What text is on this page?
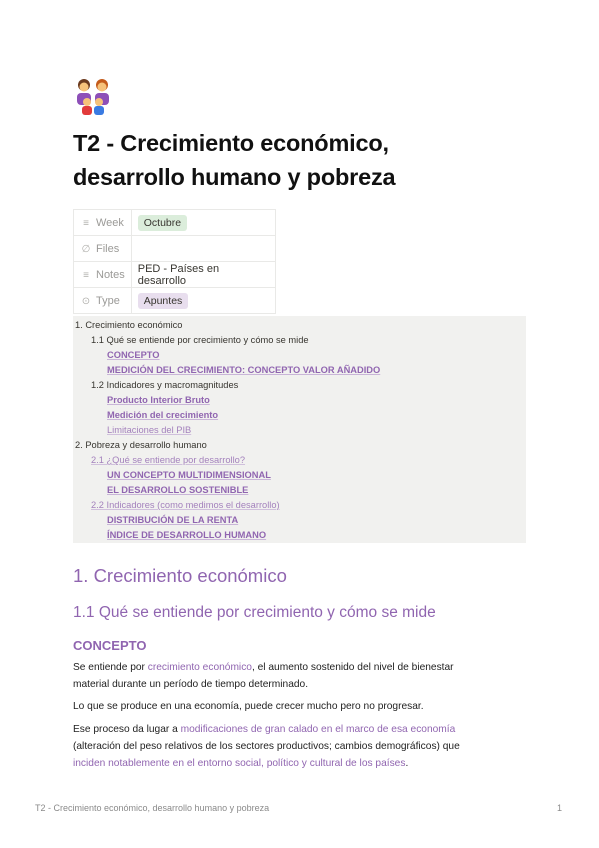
T2 - Crecimiento económico,
desarrollo humano y pobreza
≡ Week	Octubre
∅ Files	
≡ Notes	PED - Países en desarrollo
⊙ Type	Apuntes
1. Crecimiento económico
1.1 Qué se entiende por crecimiento y cómo se mide
CONCEPTO
MEDICIÓN DEL CRECIMIENTO: CONCEPTO VALOR AÑADIDO
1.2 Indicadores y macromagnitudes
Producto Interior Bruto
Medición del crecimiento
Limitaciones del PIB
2. Pobreza y desarrollo humano
2.1 ¿Qué se entiende por desarrollo?
UN CONCEPTO MULTIDIMENSIONAL
EL DESARROLLO SOSTENIBLE
2.2 Indicadores (como medimos el desarrollo)
DISTRIBUCIÓN DE LA RENTA
ÍNDICE DE DESARROLLO HUMANO
1. Crecimiento económico
1.1 Qué se entiende por crecimiento y cómo se mide
CONCEPTO
Se entiende por crecimiento económico, el aumento sostenido del nivel de bienestar
material durante un período de tiempo determinado.
Lo que se produce en una economía, puede crecer mucho pero no progresar.
Ese proceso da lugar a modificaciones de gran calado en el marco de esa economía
(alteración del peso relativos de los sectores productivos; cambios demográficos) que
inciden notablemente en el entorno social, político y cultural de los países.
T2 - Crecimiento económico, desarrollo humano y pobreza	1
